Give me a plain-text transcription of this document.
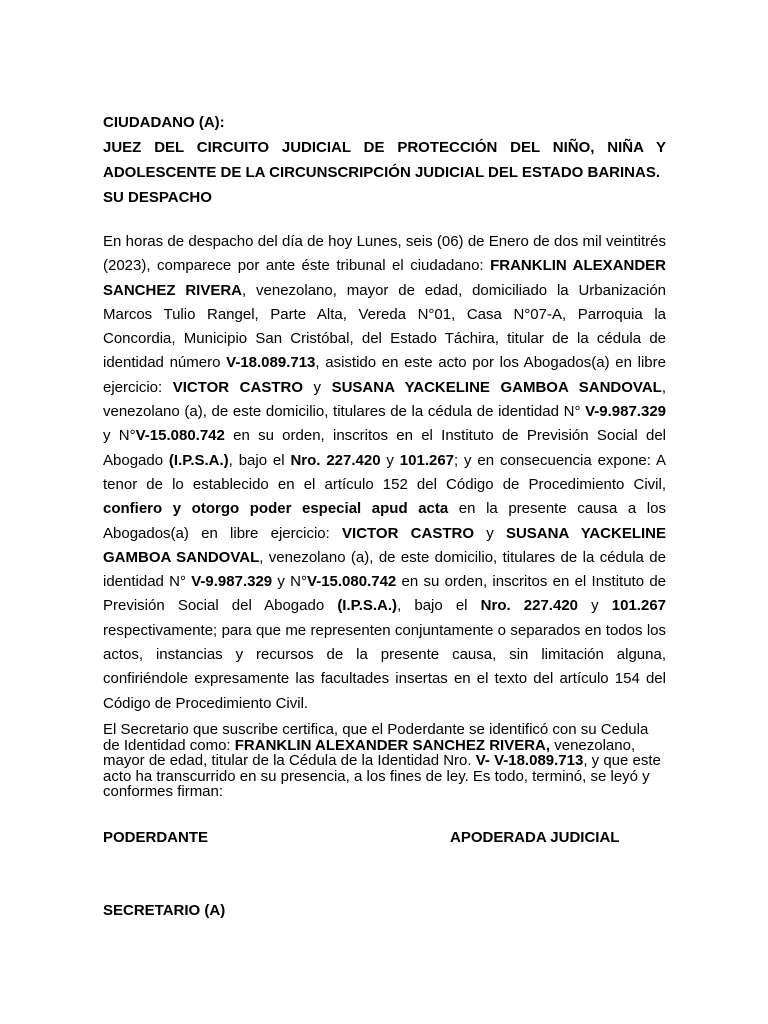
CIUDADANO (A):
JUEZ DEL CIRCUITO JUDICIAL DE PROTECCIÓN DEL NIÑO, NIÑA Y
ADOLESCENTE DE LA CIRCUNSCRIPCIÓN JUDICIAL DEL ESTADO BARINAS.
SU DESPACHO

En horas de despacho del día de hoy Lunes, seis (06) de Enero de dos mil veintitrés (2023), comparece por ante éste tribunal el ciudadano: FRANKLIN ALEXANDER SANCHEZ RIVERA, venezolano, mayor de edad, domiciliado la Urbanización Marcos Tulio Rangel, Parte Alta, Vereda N°01, Casa N°07-A, Parroquia la Concordia, Municipio San Cristóbal, del Estado Táchira, titular de la cédula de identidad número V-18.089.713, asistido en este acto por los Abogados(a) en libre ejercicio: VICTOR CASTRO y SUSANA YACKELINE GAMBOA SANDOVAL, venezolano (a), de este domicilio, titulares de la cédula de identidad N° V-9.987.329 y N°V-15.080.742 en su orden, inscritos en el Instituto de Previsión Social del Abogado (I.P.S.A.), bajo el Nro. 227.420 y 101.267; y en consecuencia expone: A tenor de lo establecido en el artículo 152 del Código de Procedimiento Civil, confiero y otorgo poder especial apud acta en la presente causa a los Abogados(a) en libre ejercicio: VICTOR CASTRO y SUSANA YACKELINE GAMBOA SANDOVAL, venezolano (a), de este domicilio, titulares de la cédula de identidad N° V-9.987.329 y N°V-15.080.742 en su orden, inscritos en el Instituto de Previsión Social del Abogado (I.P.S.A.), bajo el Nro. 227.420 y 101.267 respectivamente; para que me representen conjuntamente o separados en todos los actos, instancias y recursos de la presente causa, sin limitación alguna, confiriéndole expresamente las facultades insertas en el texto del artículo 154 del Código de Procedimiento Civil.

El Secretario que suscribe certifica, que el Poderdante se identificó con su Cedula de Identidad como: FRANKLIN ALEXANDER SANCHEZ RIVERA, venezolano, mayor de edad, titular de la Cédula de la Identidad Nro. V- V-18.089.713, y que este acto ha transcurrido en su presencia, a los fines de ley. Es todo, terminó, se leyó y conformes firman:

PODERDANTE	APODERADA JUDICIAL
SECRETARIO (A)
